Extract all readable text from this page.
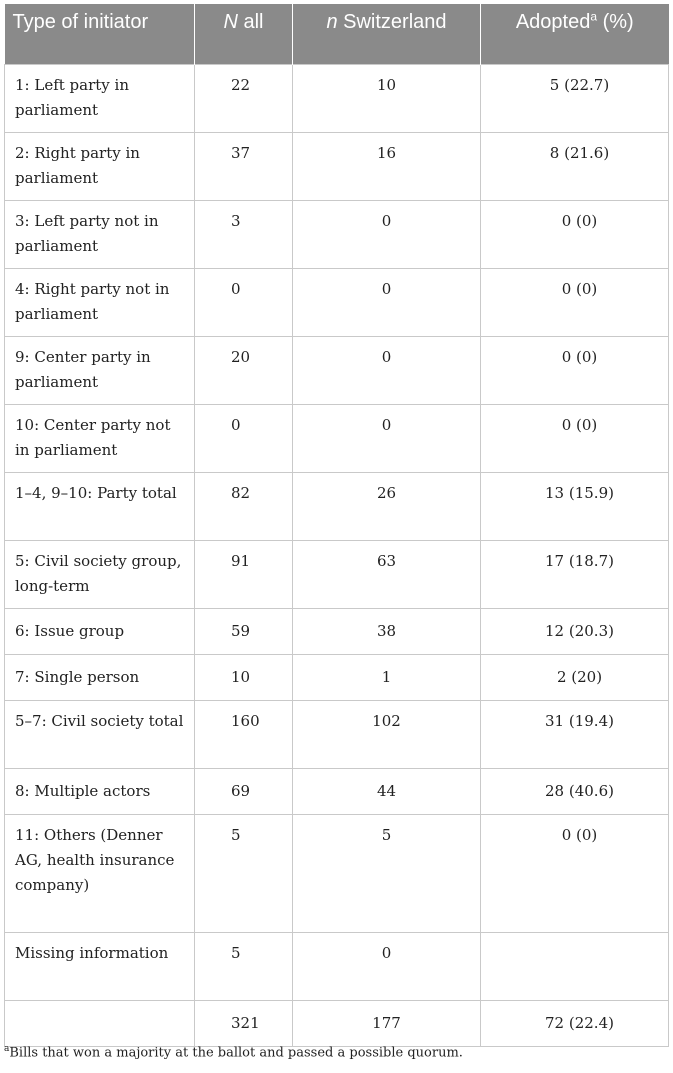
Type of initiator	N all	n Switzerland	Adopted$^a$ (%)
1: Left party in parliament	22	10	5 (22.7)
2: Right party in parliament	37	16	8 (21.6)
3: Left party not in parliament	3	0	0 (0)
4: Right party not in parliament	0	0	0 (0)
9: Center party in parliament	20	0	0 (0)
10: Center party not in parliament	0	0	0 (0)
1–4, 9–10: Party total	82	26	13 (15.9)
5: Civil society group, long-term	91	63	17 (18.7)
6: Issue group	59	38	12 (20.3)
7: Single person	10	1	2 (20)
5–7: Civil society total	160	102	31 (19.4)
8: Multiple actors	69	44	28 (40.6)
11: Others (Denner AG, health insurance company)	5	5	0 (0)
Missing information	5	0	
	321	177	72 (22.4)
$^a$Bills that won a majority at the ballot and passed a possible quorum.
